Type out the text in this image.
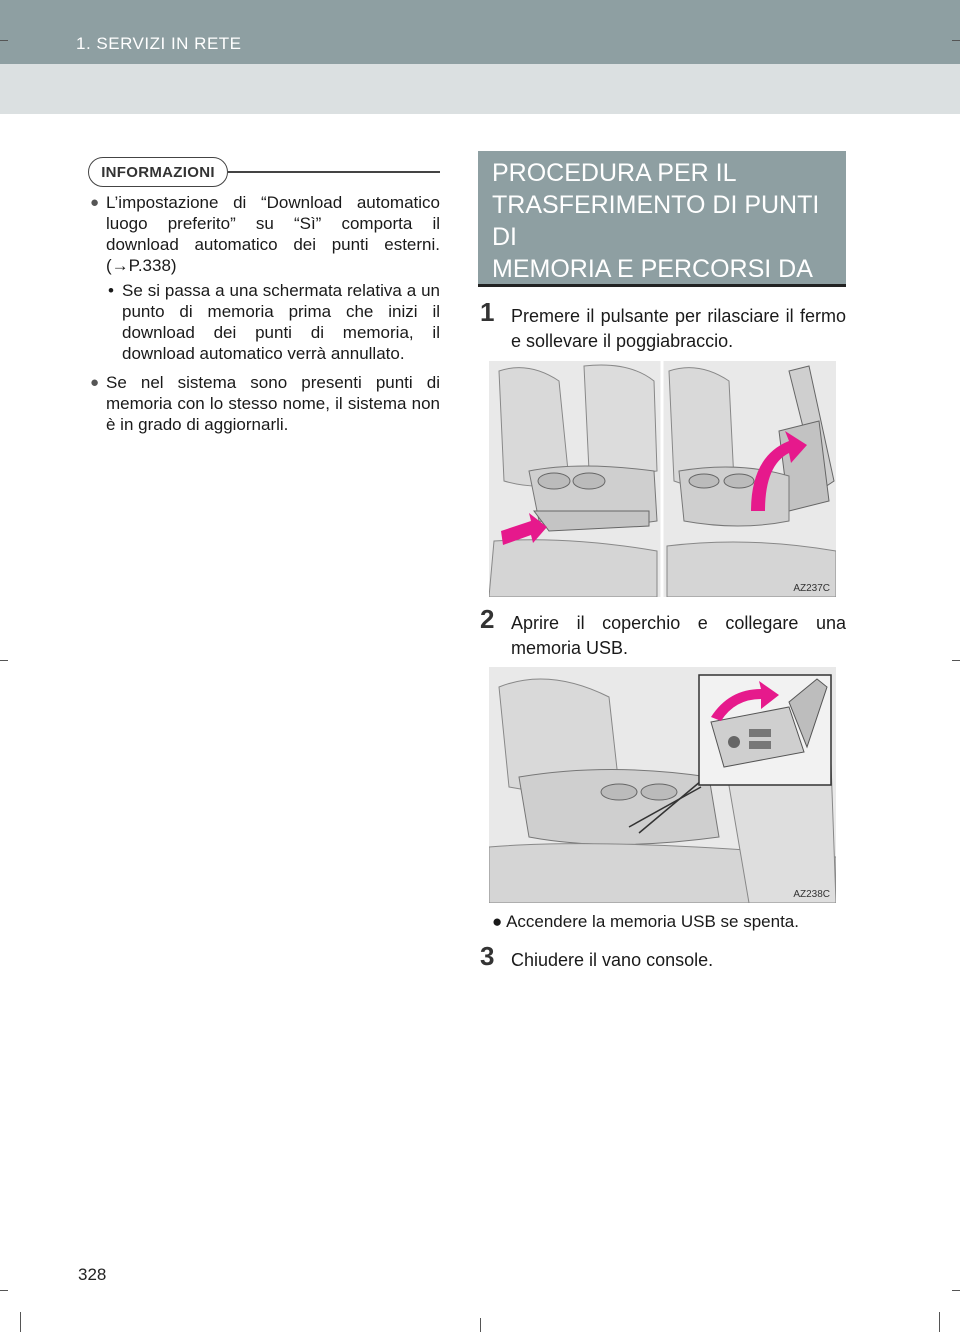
1. SERVIZI IN RETE
INFORMAZIONI
● L’impostazione di “Download automatico luogo preferito” su “Sì” comporta il download automatico dei punti esterni. (→P.338)
• Se si passa a una schermata relativa a un punto di memoria prima che inizi il download dei punti di memoria, il download automatico verrà annullato.
● Se nel sistema sono presenti punti di memoria con lo stesso nome, il sistema non è in grado di aggiornarli.
PROCEDURA PER IL
TRASFERIMENTO DI PUNTI DI
MEMORIA E PERCORSI DA
UNA MEMORIA USB
1 Premere il pulsante per rilasciare il fermo e sollevare il poggiabraccio.
AZ237C
2 Aprire il coperchio e collegare una memoria USB.
AZ238C
● Accendere la memoria USB se spenta.
3 Chiudere il vano console.
328
